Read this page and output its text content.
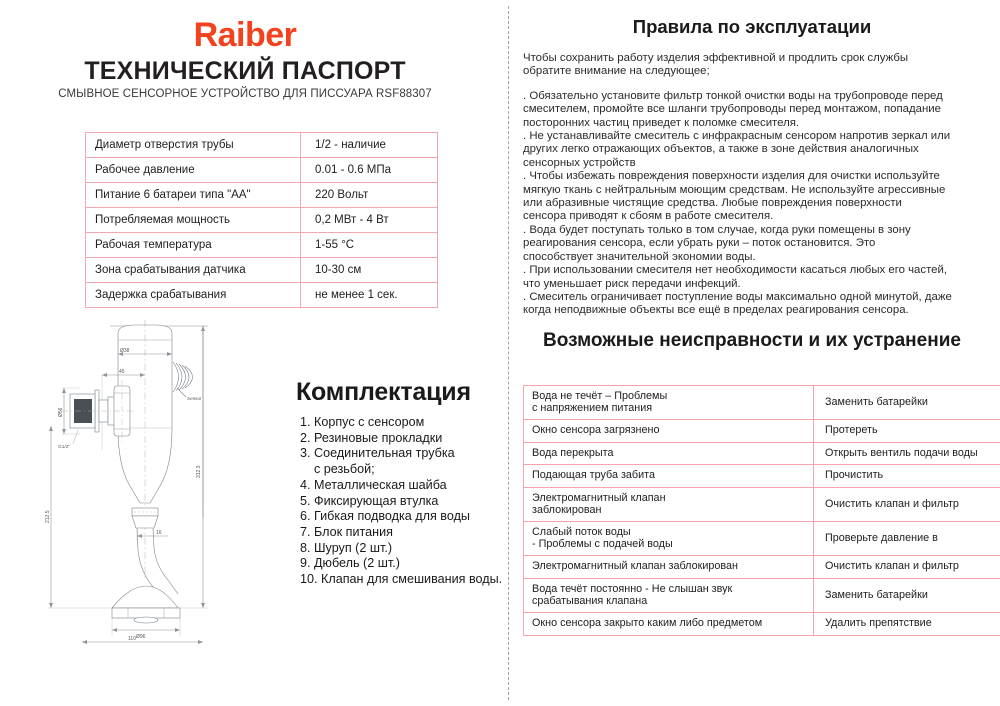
Raiber
ТЕХНИЧЕСКИЙ ПАСПОРТ
СМЫВНОЕ СЕНСОРНОЕ УСТРОЙСТВО ДЛЯ ПИССУАРА RSF88307
Диаметр отверстия трубы	1/2 - наличие
Рабочее давление	0.01 - 0.6 МПа
Питание 6 батареи типа "АА"	220 Вольт
Потребляемая мощность	0,2 МВт - 4 Вт
Рабочая температура	1-55 °С
Зона срабатывания датчика	10-30 см
Задержка срабатывания	не менее 1 сек.
Ø38
45
Sensor
Ø56
G1/2"
16
Ø96
110
312.3
212.5
Комплектация
1. Корпус с сенсором
2. Резиновые прокладки
3. Соединительная трубка
с резьбой;
4. Металлическая шайба
5. Фиксирующая втулка
6. Гибкая подводка для воды
7. Блок питания
8. Шуруп (2 шт.)
9. Дюбель (2 шт.)
10. Клапан для смешивания воды.
Правила по эксплуатации

Чтобы сохранить работу изделия эффективной и продлить срок службы
обратите внимание на следующее;

. Обязательно установите фильтр тонкой очистки воды на трубопроводе перед
смесителем, промойте все шланги трубопроводы перед монтажом, попадание
посторонних частиц приведет к поломке смесителя.

. Не устанавливайте смеситель с инфракрасным сенсором напротив зеркал или
других легко отражающих объектов, а также в зоне действия аналогичных
сенсорных устройств

. Чтобы избежать повреждения поверхности изделия для очистки используйте
мягкую ткань с нейтральным моющим средствам. Не используйте агрессивные
или абразивные чистящие средства. Любые повреждения поверхности
сенсора приводят к сбоям в работе смесителя.

. Вода будет поступать только в том случае, когда руки помещены в зону
реагирования сенсора, если убрать руки – поток остановится. Это
способствует значительной экономии воды.

. При использовании смесителя нет необходимости касаться любых его частей,
что уменьшает риск передачи инфекций.

. Смеситель ограничивает поступление воды максимально одной минутой, даже
когда неподвижные объекты все ещё в пределах реагирования сенсора.

Возможные неисправности и их устранение
Вода не течёт – Проблемы
с напряжением питания	Заменить батарейки

Окно сенсора загрязнено	Протереть

Вода перекрыта	Открыть вентиль подачи воды

Подающая труба забита	Прочистить

Электромагнитный клапан
заблокирован	Очистить клапан и фильтр

Слабый поток воды
- Проблемы с подачей воды	Проверьте давление в

Электромагнитный клапан заблокирован	Очистить клапан и фильтр

Вода течёт постоянно - Не слышан звук
срабатывания клапана	Заменить батарейки

Окно сенсора закрыто каким либо предметом	Удалить препятствие
